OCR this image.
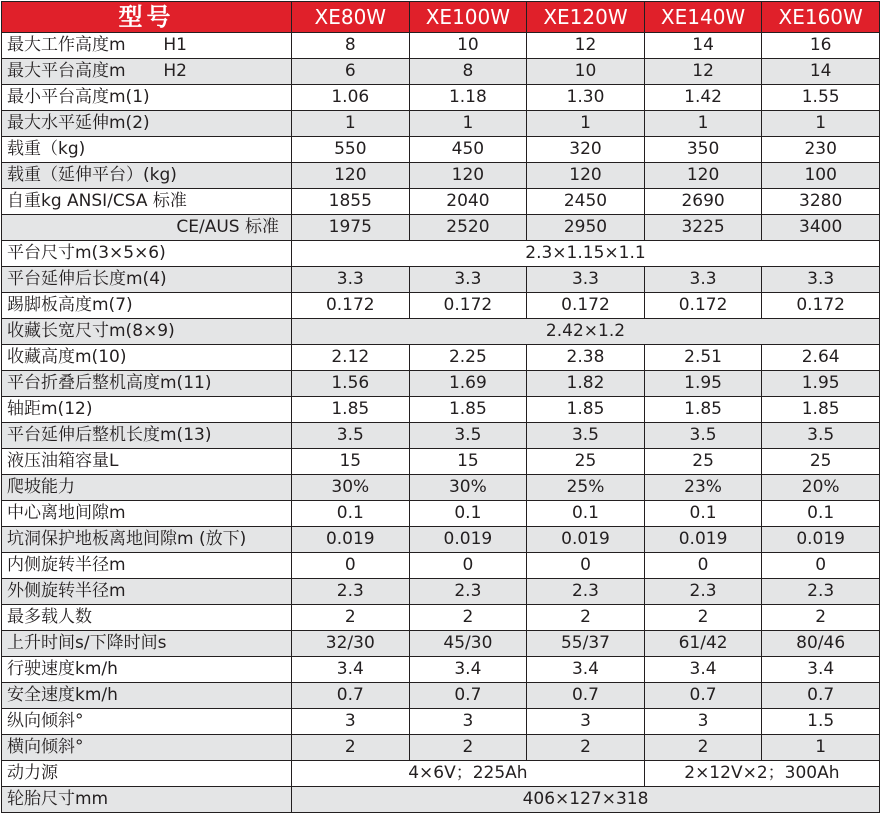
型号	XE80W	XE100W	XE120W	XE140W	XE160W
最大工作高度m       H1	8	10	12	14	16
最大平台高度m       H2	6	8	10	12	14
最小平台高度m(1)	1.06	1.18	1.30	1.42	1.55
最大水平延伸m(2)	1	1	1	1	1
载重（kg)	550	450	320	350	230
载重（延伸平台）(kg)	120	120	120	120	100
自重kg ANSI/CSA 标准	1855	2040	2450	2690	3280
CE/AUS 标准	1975	2520	2950	3225	3400
平台尺寸m(3×5×6)	2.3×1.15×1.1				
平台延伸后长度m(4)	3.3	3.3	3.3	3.3	3.3
踢脚板高度m(7)	0.172	0.172	0.172	0.172	0.172
收藏长宽尺寸m(8×9)	2.42×1.2				
收藏高度m(10)	2.12	2.25	2.38	2.51	2.64
平台折叠后整机高度m(11)	1.56	1.69	1.82	1.95	1.95
轴距m(12)	1.85	1.85	1.85	1.85	1.85
平台延伸后整机长度m(13)	3.5	3.5	3.5	3.5	3.5
液压油箱容量L	15	15	25	25	25
爬坡能力	30%	30%	25%	23%	20%
中心离地间隙m	0.1	0.1	0.1	0.1	0.1
坑洞保护地板离地间隙m (放下)	0.019	0.019	0.019	0.019	0.019
内侧旋转半径m	0	0	0	0	0
外侧旋转半径m	2.3	2.3	2.3	2.3	2.3
最多载人数	2	2	2	2	2
上升时间s/下降时间s	32/30	45/30	55/37	61/42	80/46
行驶速度km/h	3.4	3.4	3.4	3.4	3.4
安全速度km/h	0.7	0.7	0.7	0.7	0.7
纵向倾斜°	3	3	3	3	1.5
横向倾斜°	2	2	2	2	1
动力源	4×6V；225Ah			2×12V×2；300Ah	
轮胎尺寸mm	406×127×318				
